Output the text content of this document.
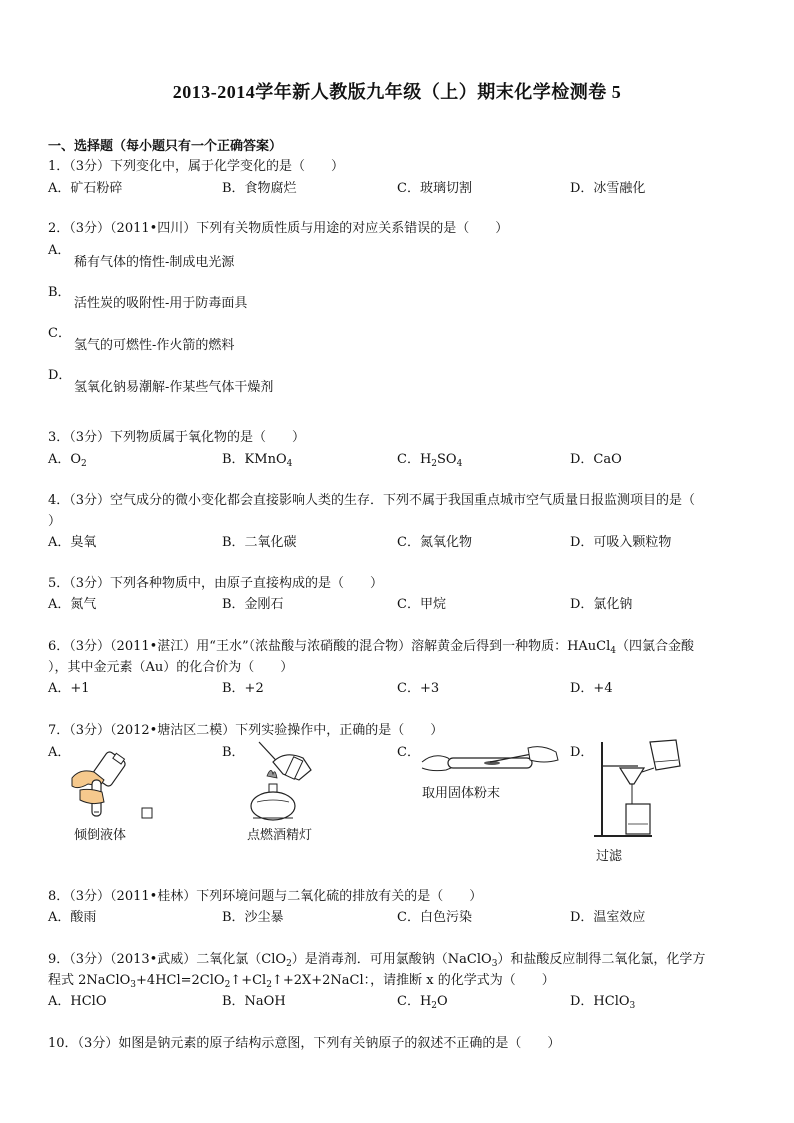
2013-2014学年新人教版九年级（上）期末化学检测卷 5
一、选择题（每小题只有一个正确答案）
1．（3分）下列变化中，属于化学变化的是（　　）
A．矿石粉碎	B．食物腐烂	C．玻璃切割	D．冰雪融化
2．（3分）（2011•四川）下列有关物质性质与用途的对应关系错误的是（　　）
A．
稀有气体的惰性-制成电光源
B．
活性炭的吸附性-用于防毒面具
C．
氢气的可燃性-作火箭的燃料
D．
氢氧化钠易潮解-作某些气体干燥剂
3．（3分）下列物质属于氧化物的是（　　）
A．$O_2$	B．KMnO$_4$	C．$H_2SO_4$	D．CaO
4．（3分）空气成分的微小变化都会直接影响人类的生存．下列不属于我国重点城市空气质量日报监测项目的是（
）
A．臭氧	B．二氧化碳	C．氮氧化物	D．可吸入颗粒物
5．（3分）下列各种物质中，由原子直接构成的是（　　）
A．氮气	B．金刚石	C．甲烷	D．氯化钠
6．（3分）（2011•湛江）用“王水”（浓盐酸与浓硝酸的混合物）溶解黄金后得到一种物质：HAuCl$_4$（四氯合金酸
），其中金元素（Au）的化合价为（　　）
A．+1	B．+2	C．+3	D．+4
7．（3分）（2012•塘沽区二模）下列实验操作中，正确的是（　　）
A．	B．	C．	D．
倾倒液体	点燃酒精灯
取用固体粉末
过滤
8．（3分）（2011•桂林）下列环境问题与二氧化硫的排放有关的是（　　）
A．酸雨	B．沙尘暴	C．白色污染	D．温室效应
9．（3分）（2013•武威）二氧化氯（ClO$_2$）是消毒剂．可用氯酸钠（NaClO$_3$）和盐酸反应制得二氧化氯，化学方
程式 $2NaClO_3+4HCl=2ClO_2↑+Cl_2↑+2X+2NaCl$：，请推断 x 的化学式为（　　）
A．HClO	B．NaOH	C．$H_2O$	D．HClO$_3$
10．（3分）如图是钠元素的原子结构示意图，下列有关钠原子的叙述不正确的是（　　）
